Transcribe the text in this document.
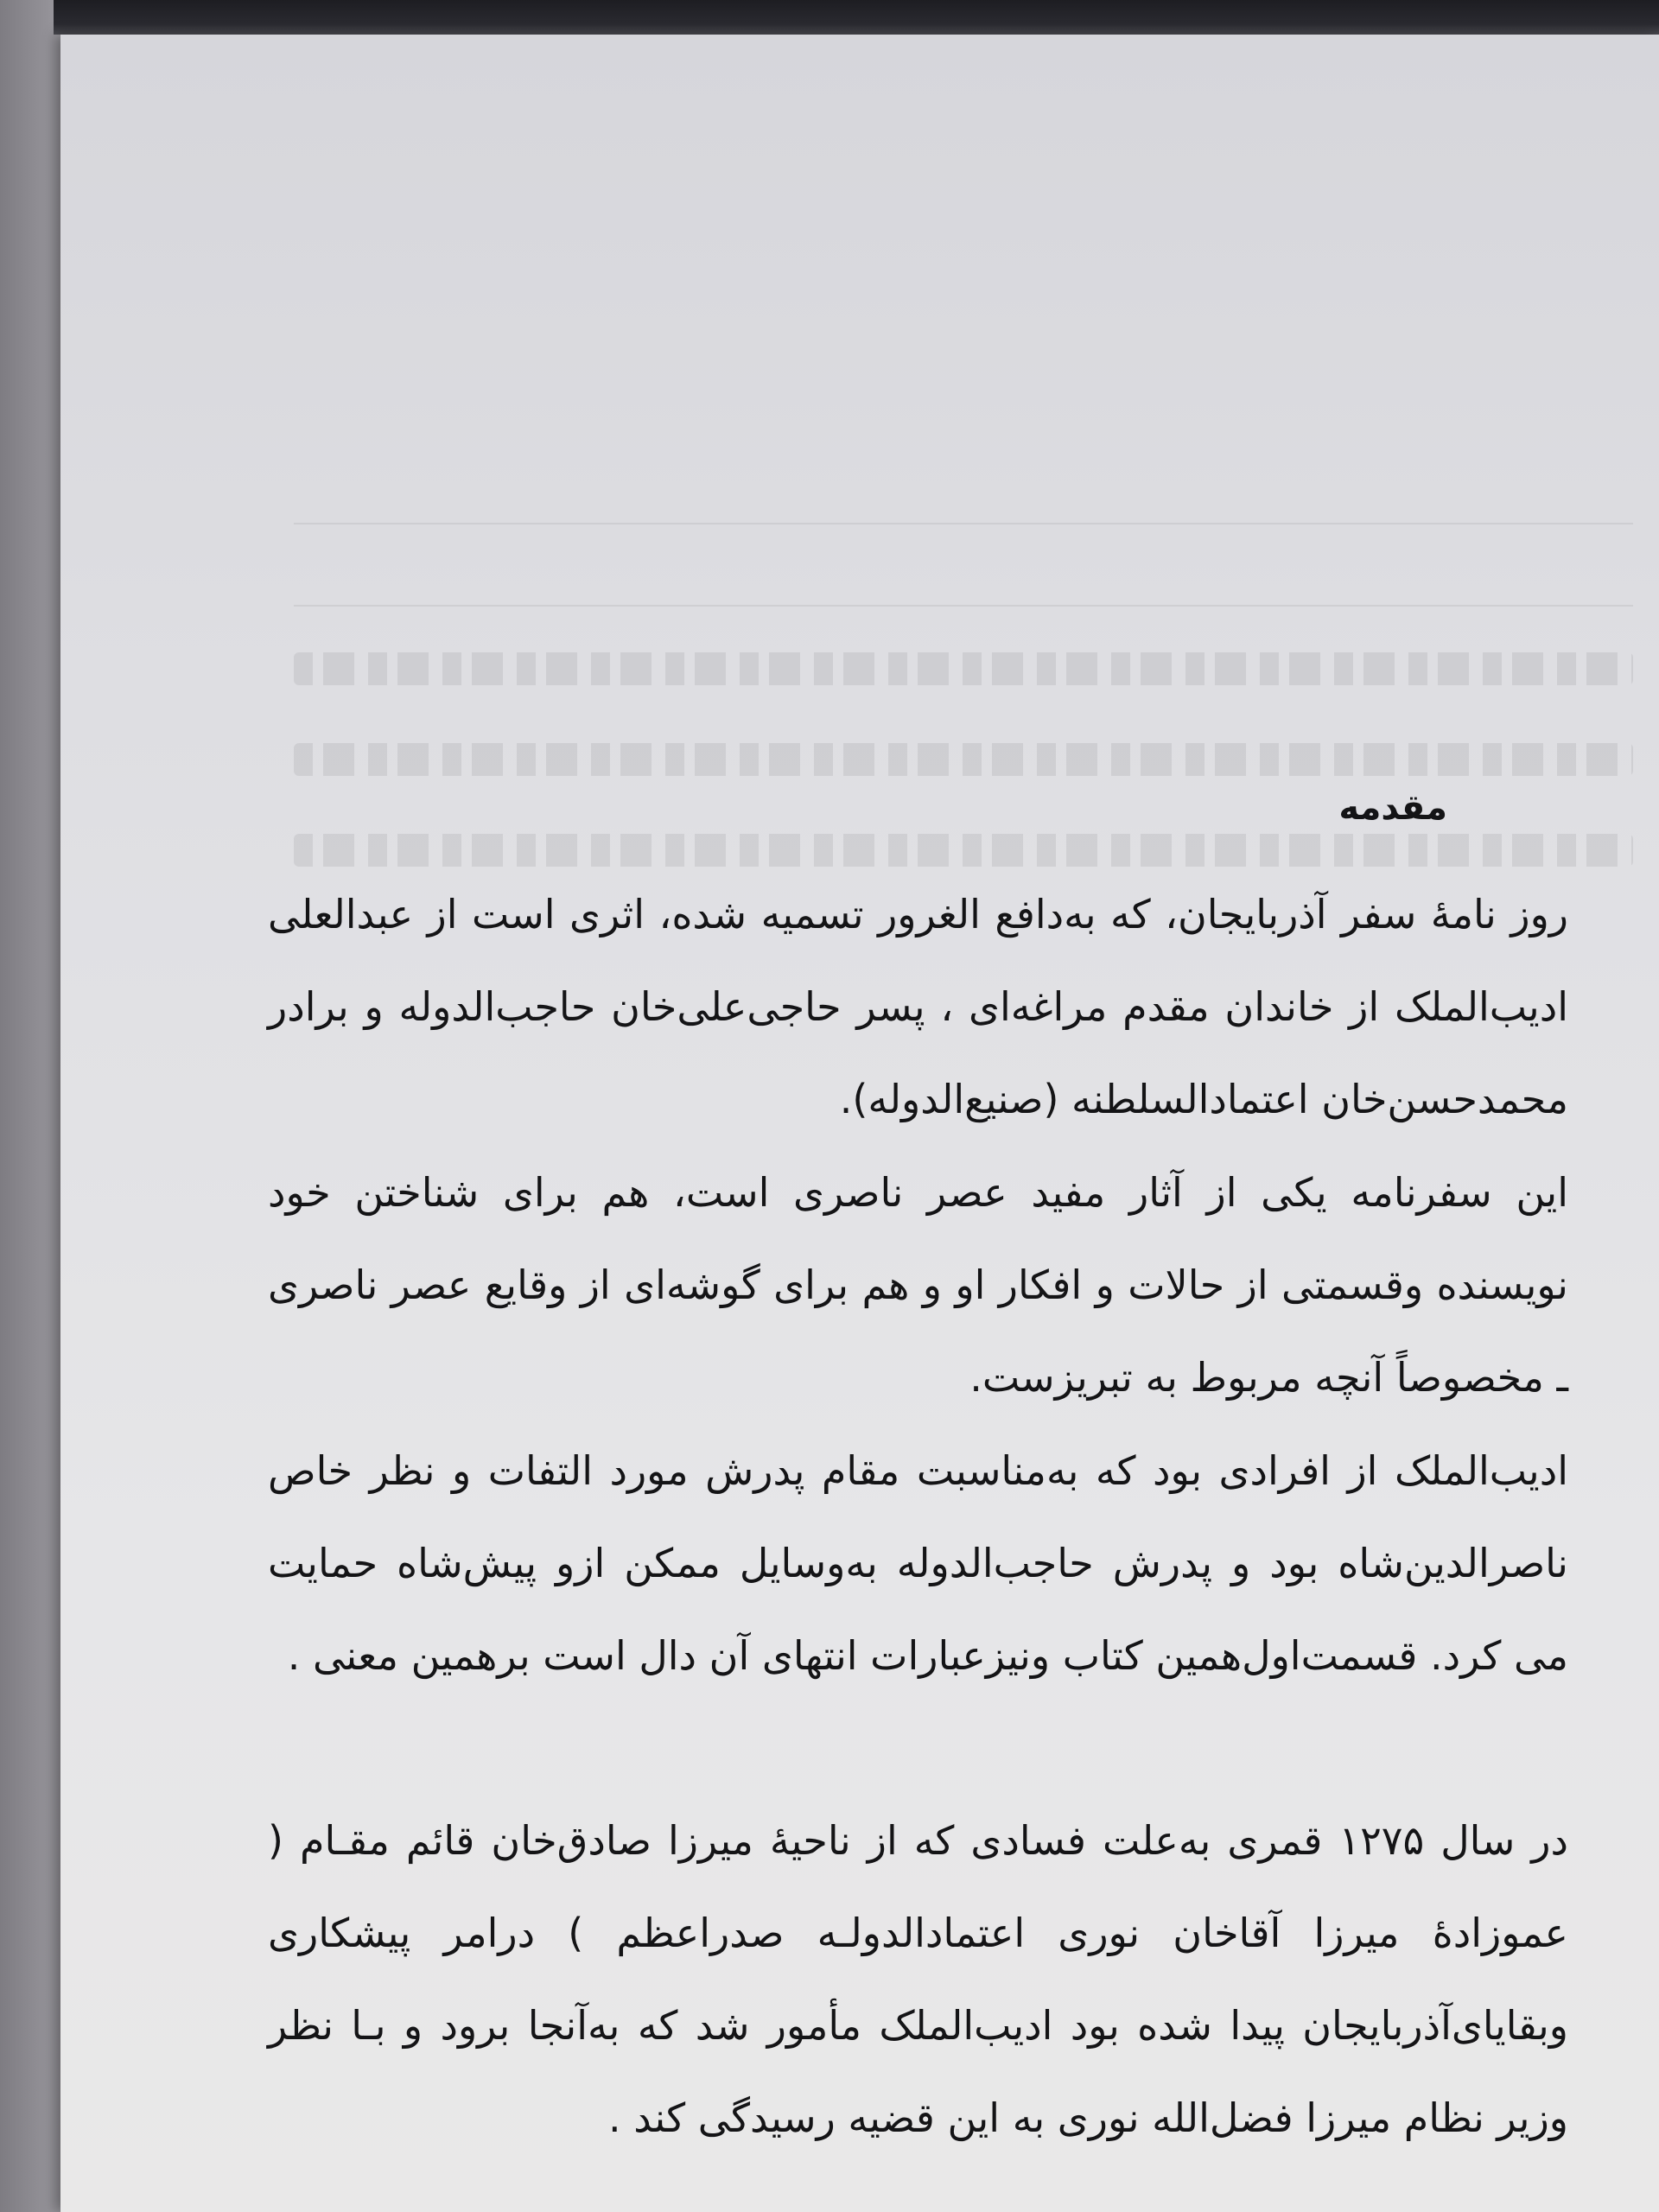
مقدمه
روز نامهٔ سفر آذربایجان، که به‌دافع الغرور تسمیه شده، اثری است از عبدالعلی ادیب‌الملک از خاندان مقدم مراغه‌ای ، پسر حاجی‌علی‌خان حاجب‌الدوله و برادر محمدحسن‌خان اعتمادالسلطنه (صنیع‌الدوله).
این سفرنامه یکی از آثار مفید عصر ناصری است، هم برای شناختن خود نویسنده وقسمتی از حالات و افکار او و هم برای گوشه‌ای از وقایع عصر ناصری ـ مخصوصاً آنچه مربوط به تبریزست.
ادیب‌الملک از افرادی بود که به‌مناسبت مقام پدرش مورد التفات و نظر خاص ناصرالدین‌شاه بود و پدرش حاجب‌الدوله به‌وسایل ممکن ازو پیش‌شاه حمایت می کرد. قسمت‌اول‌همین کتاب ونیزعبارات انتهای آن دال است برهمین معنی .
در سال ۱۲۷۵ قمری به‌علت فسادی که از ناحیهٔ میرزا صادق‌خان قائم مقـام ( عموزادهٔ میرزا آقاخان نوری اعتمادالدولـه صدراعظم ) درامر پیشکاری وبقایای‌آذربایجان پیدا شده بود ادیب‌الملک مأمور شد که به‌آنجا برود و بـا نظر وزیر نظام میرزا فضل‌الله نوری به این قضیه رسیدگی کند .
